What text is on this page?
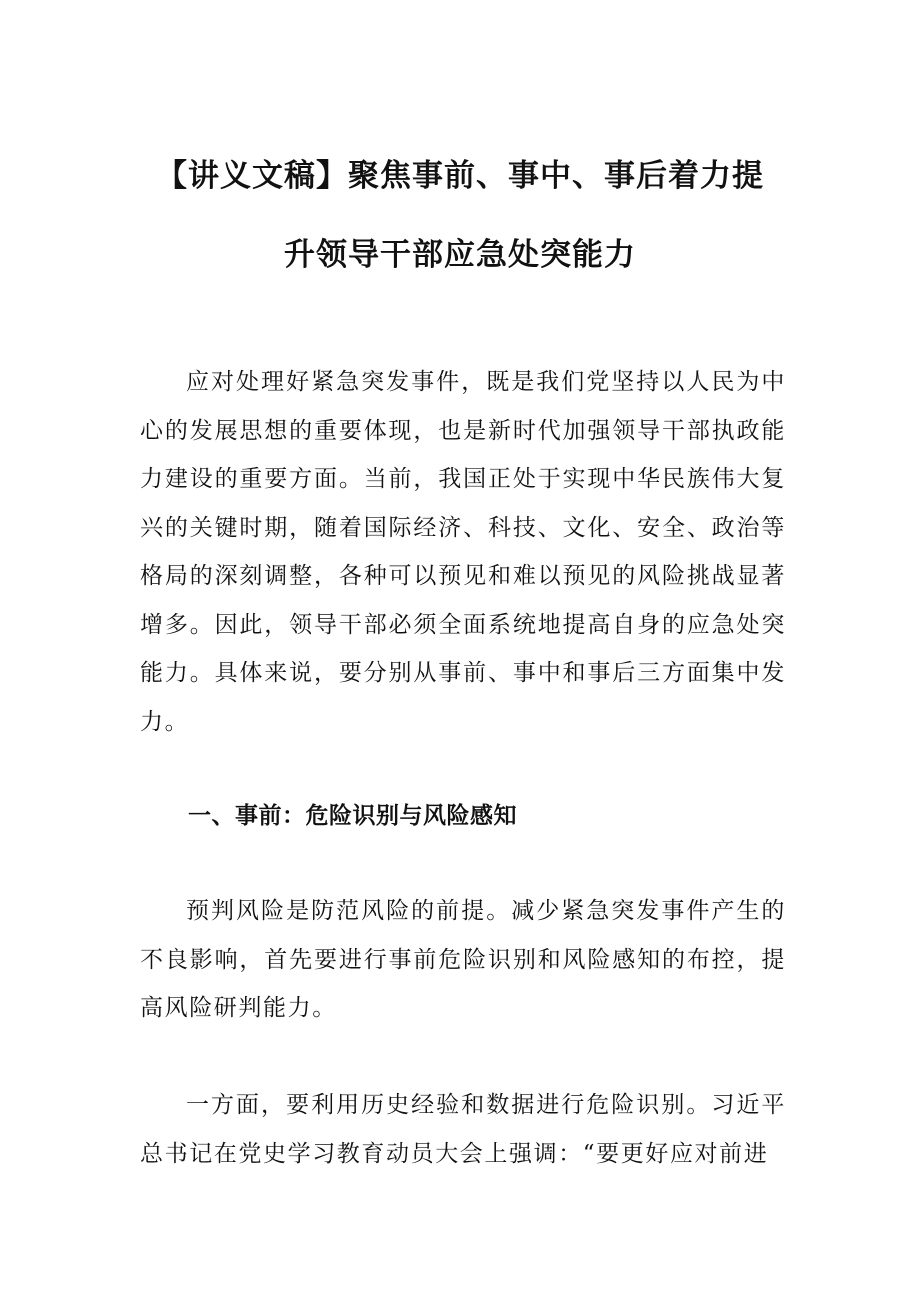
【讲义文稿】聚焦事前、事中、事后着力提
升领导干部应急处突能力

应对处理好紧急突发事件，既是我们党坚持以人民为中心的发展思想的重要体现，也是新时代加强领导干部执政能力建设的重要方面。当前，我国正处于实现中华民族伟大复兴的关键时期，随着国际经济、科技、文化、安全、政治等格局的深刻调整，各种可以预见和难以预见的风险挑战显著增多。因此，领导干部必须全面系统地提高自身的应急处突能力。具体来说，要分别从事前、事中和事后三方面集中发力。

一、事前：危险识别与风险感知

预判风险是防范风险的前提。减少紧急突发事件产生的不良影响，首先要进行事前危险识别和风险感知的布控，提高风险研判能力。

一方面，要利用历史经验和数据进行危险识别。习近平总书记在党史学习教育动员大会上强调：“要更好应对前进
